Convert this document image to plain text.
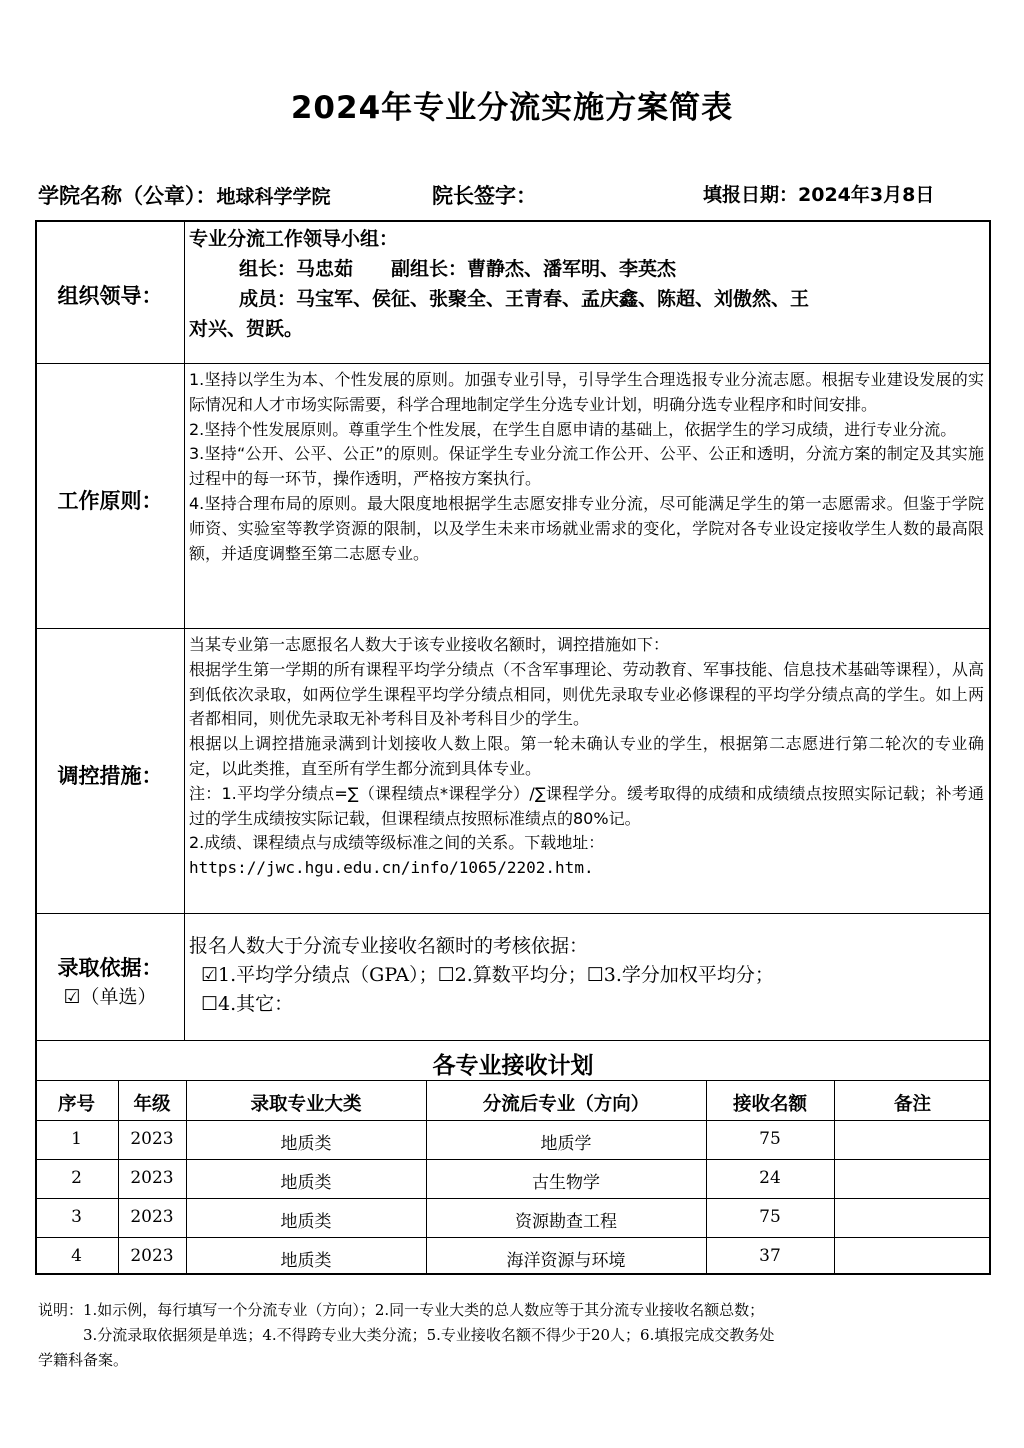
2024年专业分流实施方案简表
学院名称（公章）：地球科学学院	院长签字：	填报日期：2024年3月8日
组织领导：
专业分流工作领导小组：
组长：马忠茹　　副组长：曹静杰、潘军明、李英杰
成员：马宝军、侯征、张聚全、王青春、孟庆鑫、陈超、刘傲然、王
对兴、贺跃。
工作原则：
1.坚持以学生为本、个性发展的原则。加强专业引导，引导学生合理选报专业分流志愿。根据专业建设发展的实际情况和人才市场实际需要，科学合理地制定学生分选专业计划，明确分选专业程序和时间安排。
2.坚持个性发展原则。尊重学生个性发展，在学生自愿申请的基础上，依据学生的学习成绩，进行专业分流。
3.坚持“公开、公平、公正”的原则。保证学生专业分流工作公开、公平、公正和透明，分流方案的制定及其实施过程中的每一环节，操作透明，严格按方案执行。
4.坚持合理布局的原则。最大限度地根据学生志愿安排专业分流，尽可能满足学生的第一志愿需求。但鉴于学院师资、实验室等教学资源的限制，以及学生未来市场就业需求的变化，学院对各专业设定接收学生人数的最高限额，并适度调整至第二志愿专业。
调控措施：
当某专业第一志愿报名人数大于该专业接收名额时，调控措施如下：
根据学生第一学期的所有课程平均学分绩点（不含军事理论、劳动教育、军事技能、信息技术基础等课程），从高到低依次录取，如两位学生课程平均学分绩点相同，则优先录取专业必修课程的平均学分绩点高的学生。如上两者都相同，则优先录取无补考科目及补考科目少的学生。
根据以上调控措施录满到计划接收人数上限。第一轮未确认专业的学生，根据第二志愿进行第二轮次的专业确定，以此类推，直至所有学生都分流到具体专业。
注：1.平均学分绩点=∑（课程绩点*课程学分）/∑课程学分。缓考取得的成绩和成绩绩点按照实际记载；补考通过的学生成绩按实际记载，但课程绩点按照标准绩点的80%记。
2.成绩、课程绩点与成绩等级标准之间的关系。下载地址：
https://jwc.hgu.edu.cn/info/1065/2202.htm.
录取依据：
☑（单选）
报名人数大于分流专业接收名额时的考核依据：
☑1.平均学分绩点（GPA）；☐2.算数平均分；☐3.学分加权平均分；
☐4.其它：
各专业接收计划
序号	年级	录取专业大类	分流后专业（方向）	接收名额	备注
1	2023	地质类	地质学	75
2	2023	地质类	古生物学	24
3	2023	地质类	资源勘查工程	75
4	2023	地质类	海洋资源与环境	37
说明：1.如示例，每行填写一个分流专业（方向）；2.同一专业大类的总人数应等于其分流专业接收名额总数；
　　　3.分流录取依据须是单选；4.不得跨专业大类分流；5.专业接收名额不得少于20人；6.填报完成交教务处
学籍科备案。
